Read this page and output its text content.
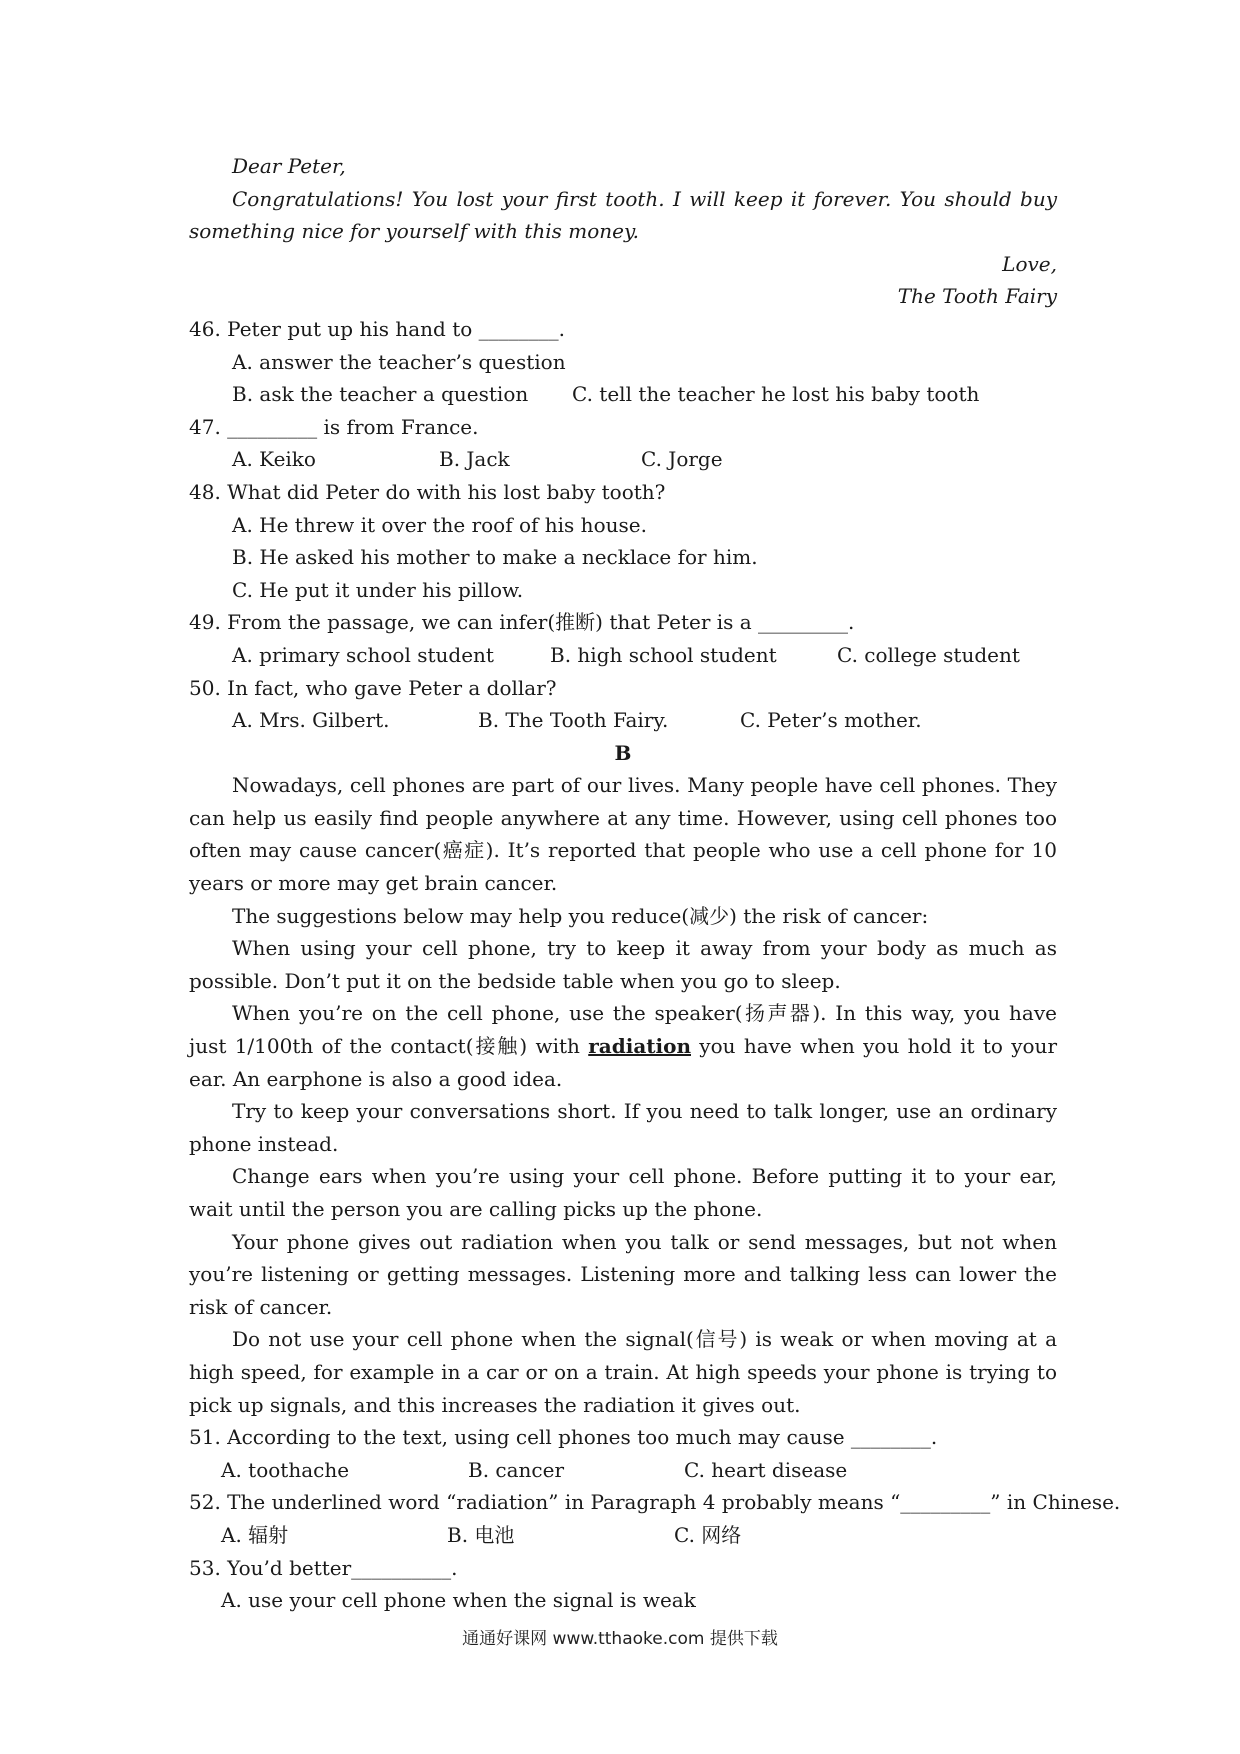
Dear Peter,

Congratulations! You lost your first tooth. I will keep it forever. You should buy something nice for yourself with this money.

Love,

The Tooth Fairy

46. Peter put up his hand to ________.

A. answer the teacher’s question

B. ask the teacher a question C. tell the teacher he lost his baby tooth

47. _________ is from France.

A. Keiko	B. Jack	C. Jorge

48. What did Peter do with his lost baby tooth?

A. He threw it over the roof of his house.

B. He asked his mother to make a necklace for him.

C. He put it under his pillow.

49. From the passage, we can infer(推断) that Peter is a _________.

A. primary school student	B. high school student	C. college student

50. In fact, who gave Peter a dollar?

A. Mrs. Gilbert.	B. The Tooth Fairy.	C. Peter’s mother.

B

Nowadays, cell phones are part of our lives. Many people have cell phones. They can help us easily find people anywhere at any time. However, using cell phones too often may cause cancer(癌症). It’s reported that people who use a cell phone for 10 years or more may get brain cancer.

The suggestions below may help you reduce(减少) the risk of cancer:

When using your cell phone, try to keep it away from your body as much as possible. Don’t put it on the bedside table when you go to sleep.

When you’re on the cell phone, use the speaker(扬声器). In this way, you have just 1/100th of the contact(接触) with radiation you have when you hold it to your ear. An earphone is also a good idea.

Try to keep your conversations short. If you need to talk longer, use an ordinary phone instead.

Change ears when you’re using your cell phone. Before putting it to your ear, wait until the person you are calling picks up the phone.

Your phone gives out radiation when you talk or send messages, but not when you’re listening or getting messages. Listening more and talking less can lower the risk of cancer.

Do not use your cell phone when the signal(信号) is weak or when moving at a high speed, for example in a car or on a train. At high speeds your phone is trying to pick up signals, and this increases the radiation it gives out.

51. According to the text, using cell phones too much may cause ________.

A. toothache	B. cancer	C. heart disease

52. The underlined word “radiation” in Paragraph 4 probably means “_________” in Chinese.

A. 辐射	B. 电池	C. 网络

53. You’d better__________.

A. use your cell phone when the signal is weak

通通好课网 www.tthaoke.com 提供下载
